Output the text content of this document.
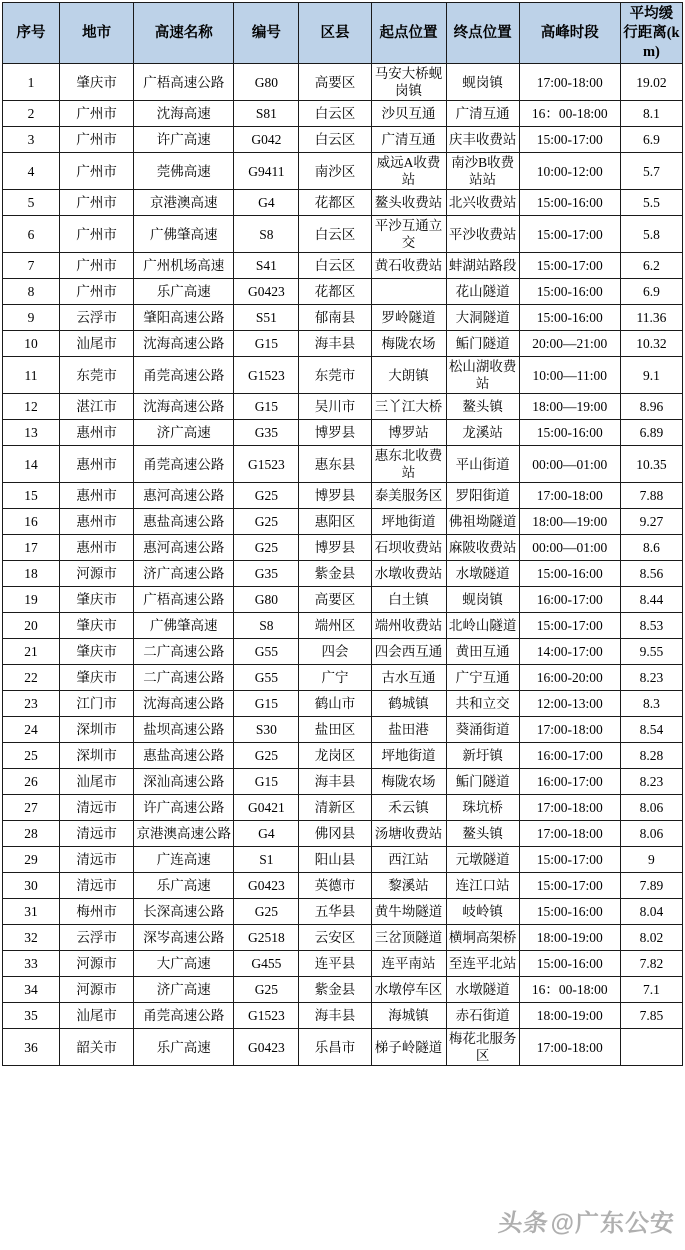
序号	地市	高速名称	编号	区县	起点位置	终点位置	高峰时段	平均缓行距离(km)
1	肇庆市	广梧高速公路	G80	高要区	马安大桥蚬岗镇	蚬岗镇	17:00-18:00	19.02
2	广州市	沈海高速	S81	白云区	沙贝互通	广清互通	16：00-18:00	8.1
3	广州市	许广高速	G042	白云区	广清互通	庆丰收费站	15:00-17:00	6.9
4	广州市	莞佛高速	G9411	南沙区	威远A收费站	南沙B收费站站	10:00-12:00	5.7
5	广州市	京港澳高速	G4	花都区	鳌头收费站	北兴收费站	15:00-16:00	5.5
6	广州市	广佛肇高速	S8	白云区	平沙互通立交	平沙收费站	15:00-17:00	5.8
7	广州市	广州机场高速	S41	白云区	黄石收费站	蚌湖站路段	15:00-17:00	6.2
8	广州市	乐广高速	G0423	花都区		花山隧道	15:00-16:00	6.9
9	云浮市	肇阳高速公路	S51	郁南县	罗岭隧道	大洞隧道	15:00-16:00	11.36
10	汕尾市	沈海高速公路	G15	海丰县	梅陇农场	鲘门隧道	20:00—21:00	10.32
11	东莞市	甬莞高速公路	G1523	东莞市	大朗镇	松山湖收费站	10:00—11:00	9.1
12	湛江市	沈海高速公路	G15	吴川市	三丫江大桥	鳌头镇	18:00—19:00	8.96
13	惠州市	济广高速	G35	博罗县	博罗站	龙溪站	15:00-16:00	6.89
14	惠州市	甬莞高速公路	G1523	惠东县	惠东北收费站	平山街道	00:00—01:00	10.35
15	惠州市	惠河高速公路	G25	博罗县	泰美服务区	罗阳街道	17:00-18:00	7.88
16	惠州市	惠盐高速公路	G25	惠阳区	坪地街道	佛祖坳隧道	18:00—19:00	9.27
17	惠州市	惠河高速公路	G25	博罗县	石坝收费站	麻陂收费站	00:00—01:00	8.6
18	河源市	济广高速公路	G35	紫金县	水墩收费站	水墩隧道	15:00-16:00	8.56
19	肇庆市	广梧高速公路	G80	高要区	白土镇	蚬岗镇	16:00-17:00	8.44
20	肇庆市	广佛肇高速	S8	端州区	端州收费站	北岭山隧道	15:00-17:00	8.53
21	肇庆市	二广高速公路	G55	四会	四会西互通	黄田互通	14:00-17:00	9.55
22	肇庆市	二广高速公路	G55	广宁	古水互通	广宁互通	16:00-20:00	8.23
23	江门市	沈海高速公路	G15	鹤山市	鹤城镇	共和立交	12:00-13:00	8.3
24	深圳市	盐坝高速公路	S30	盐田区	盐田港	葵涌街道	17:00-18:00	8.54
25	深圳市	惠盐高速公路	G25	龙岗区	坪地街道	新圩镇	16:00-17:00	8.28
26	汕尾市	深汕高速公路	G15	海丰县	梅陇农场	鲘门隧道	16:00-17:00	8.23
27	清远市	许广高速公路	G0421	清新区	禾云镇	珠坑桥	17:00-18:00	8.06
28	清远市	京港澳高速公路	G4	佛冈县	汤塘收费站	鳌头镇	17:00-18:00	8.06
29	清远市	广连高速	S1	阳山县	西江站	元墩隧道	15:00-17:00	9
30	清远市	乐广高速	G0423	英德市	黎溪站	连江口站	15:00-17:00	7.89
31	梅州市	长深高速公路	G25	五华县	黄牛坳隧道	岐岭镇	15:00-16:00	8.04
32	云浮市	深岑高速公路	G2518	云安区	三岔顶隧道	横垌高架桥	18:00-19:00	8.02
33	河源市	大广高速	G455	连平县	连平南站	至连平北站	15:00-16:00	7.82
34	河源市	济广高速	G25	紫金县	水墩停车区	水墩隧道	16：00-18:00	7.1
35	汕尾市	甬莞高速公路	G1523	海丰县	海城镇	赤石街道	18:00-19:00	7.85
36	韶关市	乐广高速	G0423	乐昌市	梯子岭隧道	梅花北服务区	17:00-18:00	
头条@广东公安
